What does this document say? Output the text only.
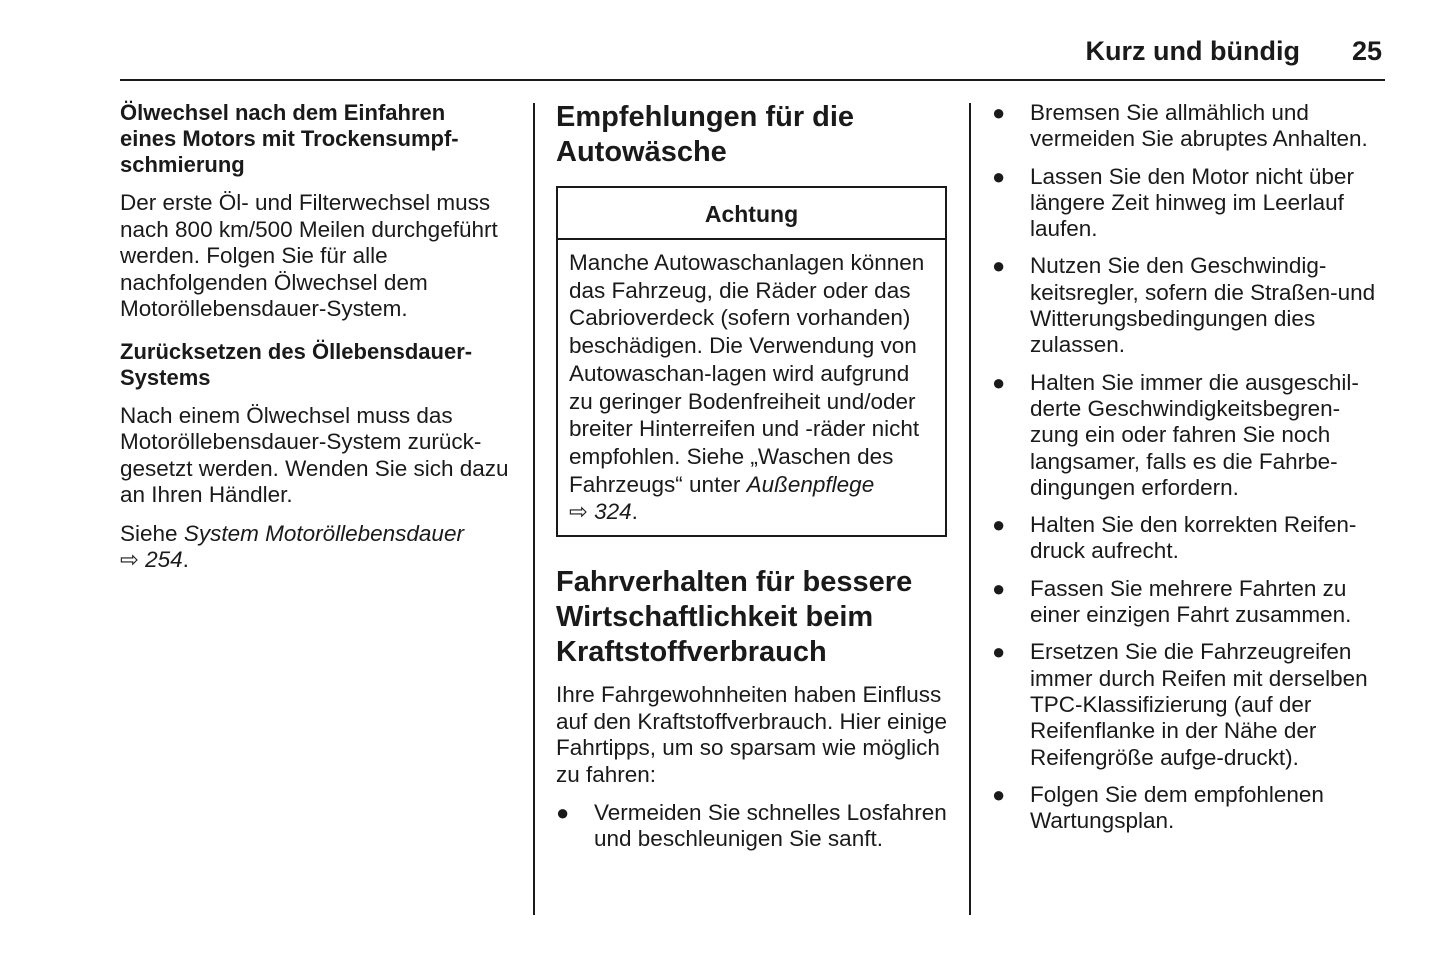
Kurz und bündig 25
Ölwechsel nach dem Einfahren eines Motors mit Trockensumpf-schmierung
Der erste Öl- und Filterwechsel muss nach 800 km/500 Meilen durchgeführt werden. Folgen Sie für alle nachfolgenden Ölwechsel dem Motoröllebensdauer-System.
Zurücksetzen des Öllebensdauer-Systems
Nach einem Ölwechsel muss das Motoröllebensdauer-System zurück-gesetzt werden. Wenden Sie sich dazu an Ihren Händler.
Siehe System Motoröllebensdauer
⇨ 254.
Empfehlungen für die Autowäsche
Achtung
Manche Autowaschanlagen können das Fahrzeug, die Räder oder das Cabrioverdeck (sofern vorhanden) beschädigen. Die Verwendung von Autowaschan-lagen wird aufgrund zu geringer Bodenfreiheit und/oder breiter Hinterreifen und -räder nicht empfohlen. Siehe „Waschen des Fahrzeugs“ unter Außenpflege
⇨ 324.
Fahrverhalten für bessere Wirtschaftlichkeit beim Kraftstoffverbrauch
Ihre Fahrgewohnheiten haben Einfluss auf den Kraftstoffverbrauch. Hier einige Fahrtipps, um so sparsam wie möglich zu fahren:
● Vermeiden Sie schnelles Losfahren und beschleunigen Sie sanft.
● Bremsen Sie allmählich und vermeiden Sie abruptes Anhalten.
● Lassen Sie den Motor nicht über längere Zeit hinweg im Leerlauf laufen.
● Nutzen Sie den Geschwindig-keitsregler, sofern die Straßen-und Witterungsbedingungen dies zulassen.
● Halten Sie immer die ausgeschil-derte Geschwindigkeitsbegren-zung ein oder fahren Sie noch langsamer, falls es die Fahrbe-dingungen erfordern.
● Halten Sie den korrekten Reifen-druck aufrecht.
● Fassen Sie mehrere Fahrten zu einer einzigen Fahrt zusammen.
● Ersetzen Sie die Fahrzeugreifen immer durch Reifen mit derselben TPC-Klassifizierung (auf der Reifenflanke in der Nähe der Reifengröße aufge-druckt).
● Folgen Sie dem empfohlenen Wartungsplan.
